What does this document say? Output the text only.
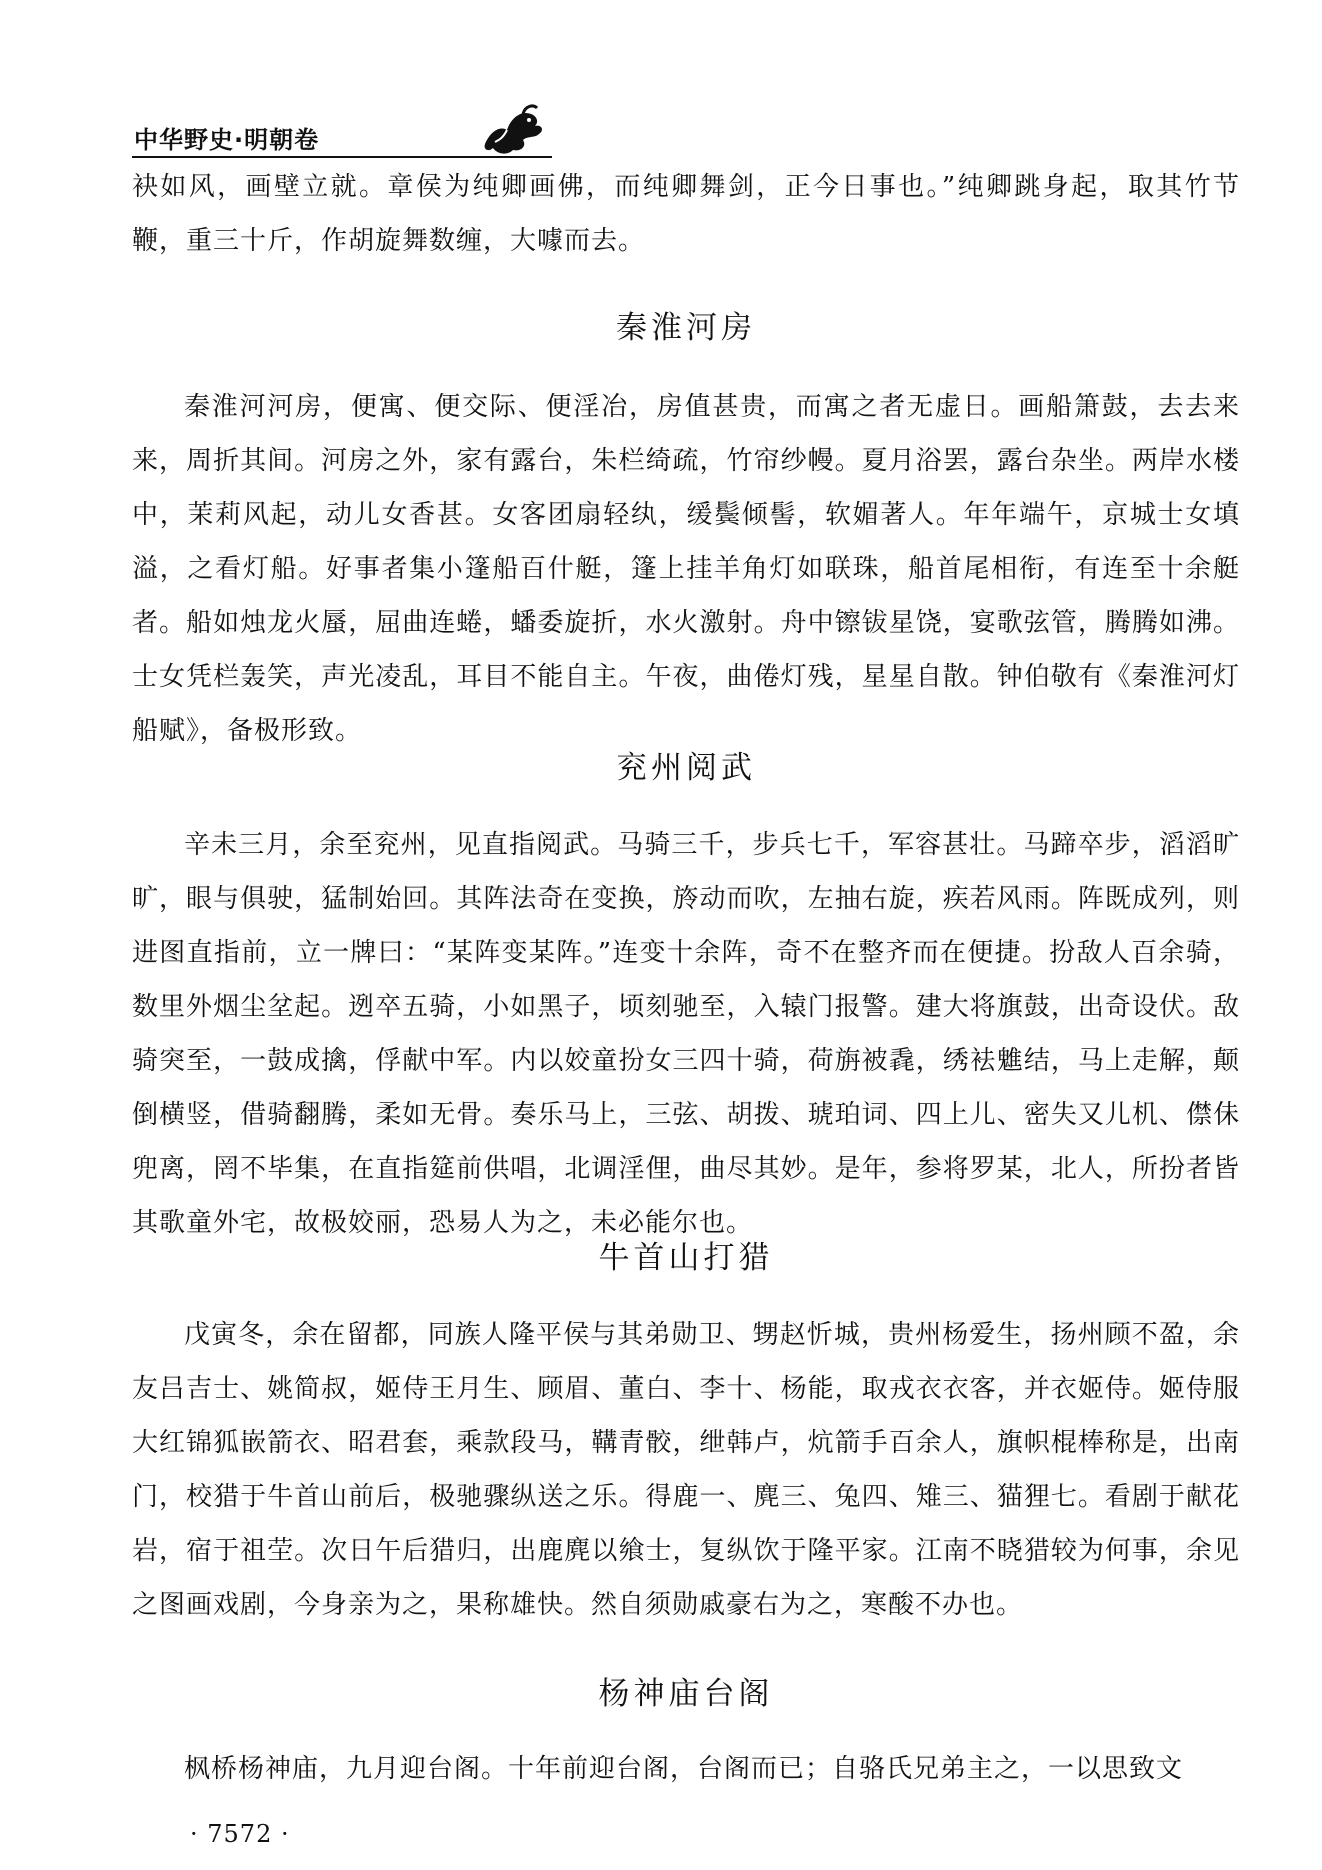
中华野史·明朝卷

袂如风，画壁立就。章侯为纯卿画佛，而纯卿舞剑，正今日事也。”纯卿跳身起，取其竹节鞭，重三十斤，作胡旋舞数缠，大噱而去。

秦淮河房

秦淮河河房，便寓、便交际、便淫冶，房值甚贵，而寓之者无虚日。画船箫鼓，去去来来，周折其间。河房之外，家有露台，朱栏绮疏，竹帘纱幔。夏月浴罢，露台杂坐。两岸水楼中，茉莉风起，动儿女香甚。女客团扇轻纨，缓鬓倾髻，软媚著人。年年端午，京城士女填溢，之看灯船。好事者集小篷船百什艇，篷上挂羊角灯如联珠，船首尾相衔，有连至十余艇者。船如烛龙火蜃，屈曲连蜷，蟠委旋折，水火激射。舟中镲钹星饶，宴歌弦管，腾腾如沸。士女凭栏轰笑，声光凌乱，耳目不能自主。午夜，曲倦灯残，星星自散。钟伯敬有《秦淮河灯船赋》，备极形致。

兖州阅武

辛未三月，余至兖州，见直指阅武。马骑三千，步兵七千，军容甚壮。马蹄卒步，滔滔旷旷，眼与俱驶，猛制始回。其阵法奇在变换，旍动而吹，左抽右旋，疾若风雨。阵既成列，则进图直指前，立一牌曰：“某阵变某阵。”连变十余阵，奇不在整齐而在便捷。扮敌人百余骑，数里外烟尘坌起。迾卒五骑，小如黑子，顷刻驰至，入辕门报警。建大将旗鼓，出奇设伏。敌骑突至，一鼓成擒，俘献中军。内以姣童扮女三四十骑，荷旃被毳，绣袪魋结，马上走解，颠倒横竖，借骑翻腾，柔如无骨。奏乐马上，三弦、胡拨、琥珀词、四上儿、密失又儿机、僸佅兜离，罔不毕集，在直指筵前供唱，北调淫俚，曲尽其妙。是年，参将罗某，北人，所扮者皆其歌童外宅，故极姣丽，恐易人为之，未必能尔也。

牛首山打猎

戊寅冬，余在留都，同族人隆平侯与其弟勋卫、甥赵忻城，贵州杨爱生，扬州顾不盈，余友吕吉士、姚简叔，姬侍王月生、顾眉、董白、李十、杨能，取戎衣衣客，并衣姬侍。姬侍服大红锦狐嵌箭衣、昭君套，乘款段马，鞲青骹，绁韩卢，炕箭手百余人，旗帜棍棒称是，出南门，校猎于牛首山前后，极驰骤纵送之乐。得鹿一、麂三、兔四、雉三、猫狸七。看剧于献花岩，宿于祖茔。次日午后猎归，出鹿麂以飨士，复纵饮于隆平家。江南不晓猎较为何事，余见之图画戏剧，今身亲为之，果称雄快。然自须勋戚豪右为之，寒酸不办也。

杨神庙台阁

枫桥杨神庙，九月迎台阁。十年前迎台阁，台阁而已；自骆氏兄弟主之，一以思致文

· 7572 ·
